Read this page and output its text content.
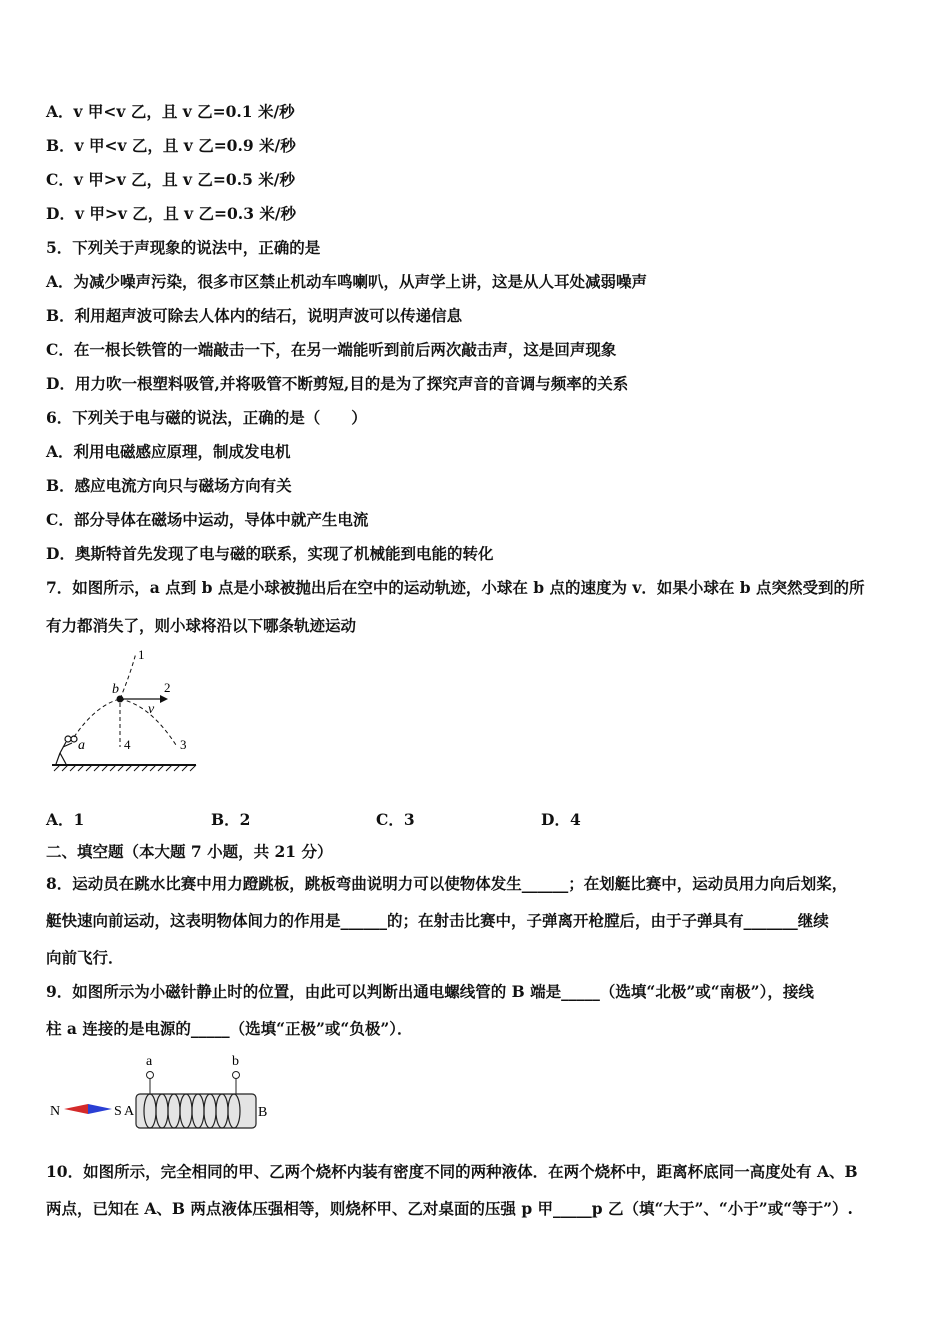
A．v 甲<v 乙，且 v 乙=0.1 米/秒
B．v 甲<v 乙，且 v 乙=0.9 米/秒
C．v 甲>v 乙，且 v 乙=0.5 米/秒
D．v 甲>v 乙，且 v 乙=0.3 米/秒
5．下列关于声现象的说法中，正确的是
A．为减少噪声污染，很多市区禁止机动车鸣喇叭，从声学上讲，这是从人耳处减弱噪声
B．利用超声波可除去人体内的结石，说明声波可以传递信息
C．在一根长铁管的一端敲击一下，在另一端能听到前后两次敲击声，这是回声现象
D．用力吹一根塑料吸管,并将吸管不断剪短,目的是为了探究声音的音调与频率的关系
6．下列关于电与磁的说法，正确的是（　　）
A．利用电磁感应原理，制成发电机
B．感应电流方向只与磁场方向有关
C．部分导体在磁场中运动，导体中就产生电流
D．奥斯特首先发现了电与磁的联系，实现了机械能到电能的转化
7．如图所示，a 点到 b 点是小球被抛出后在空中的运动轨迹，小球在 b 点的速度为 v．如果小球在 b 点突然受到的所
有力都消失了，则小球将沿以下哪条轨迹运动
a
b
v
2
1
4	3
A．1	B．2	C．3	D．4
二、填空题（本大题 7 小题，共 21 分）
8．运动员在跳水比赛中用力蹬跳板，跳板弯曲说明力可以使物体发生______；在划艇比赛中，运动员用力向后划桨，
艇快速向前运动，这表明物体间力的作用是______的；在射击比赛中，子弹离开枪膛后，由于子弹具有_______继续
向前飞行．
9．如图所示为小磁针静止时的位置，由此可以判断出通电螺线管的 B 端是_____（选填“北极”或“南极”），接线
柱 a 连接的是电源的_____（选填“正极”或“负极”）．
N	S A	B
a	b
10．如图所示，完全相同的甲、乙两个烧杯内装有密度不同的两种液体．在两个烧杯中，距离杯底同一高度处有 A、B
两点，已知在 A、B 两点液体压强相等，则烧杯甲、乙对桌面的压强 p 甲_____p 乙（填“大于”、“小于”或“等于”）.
